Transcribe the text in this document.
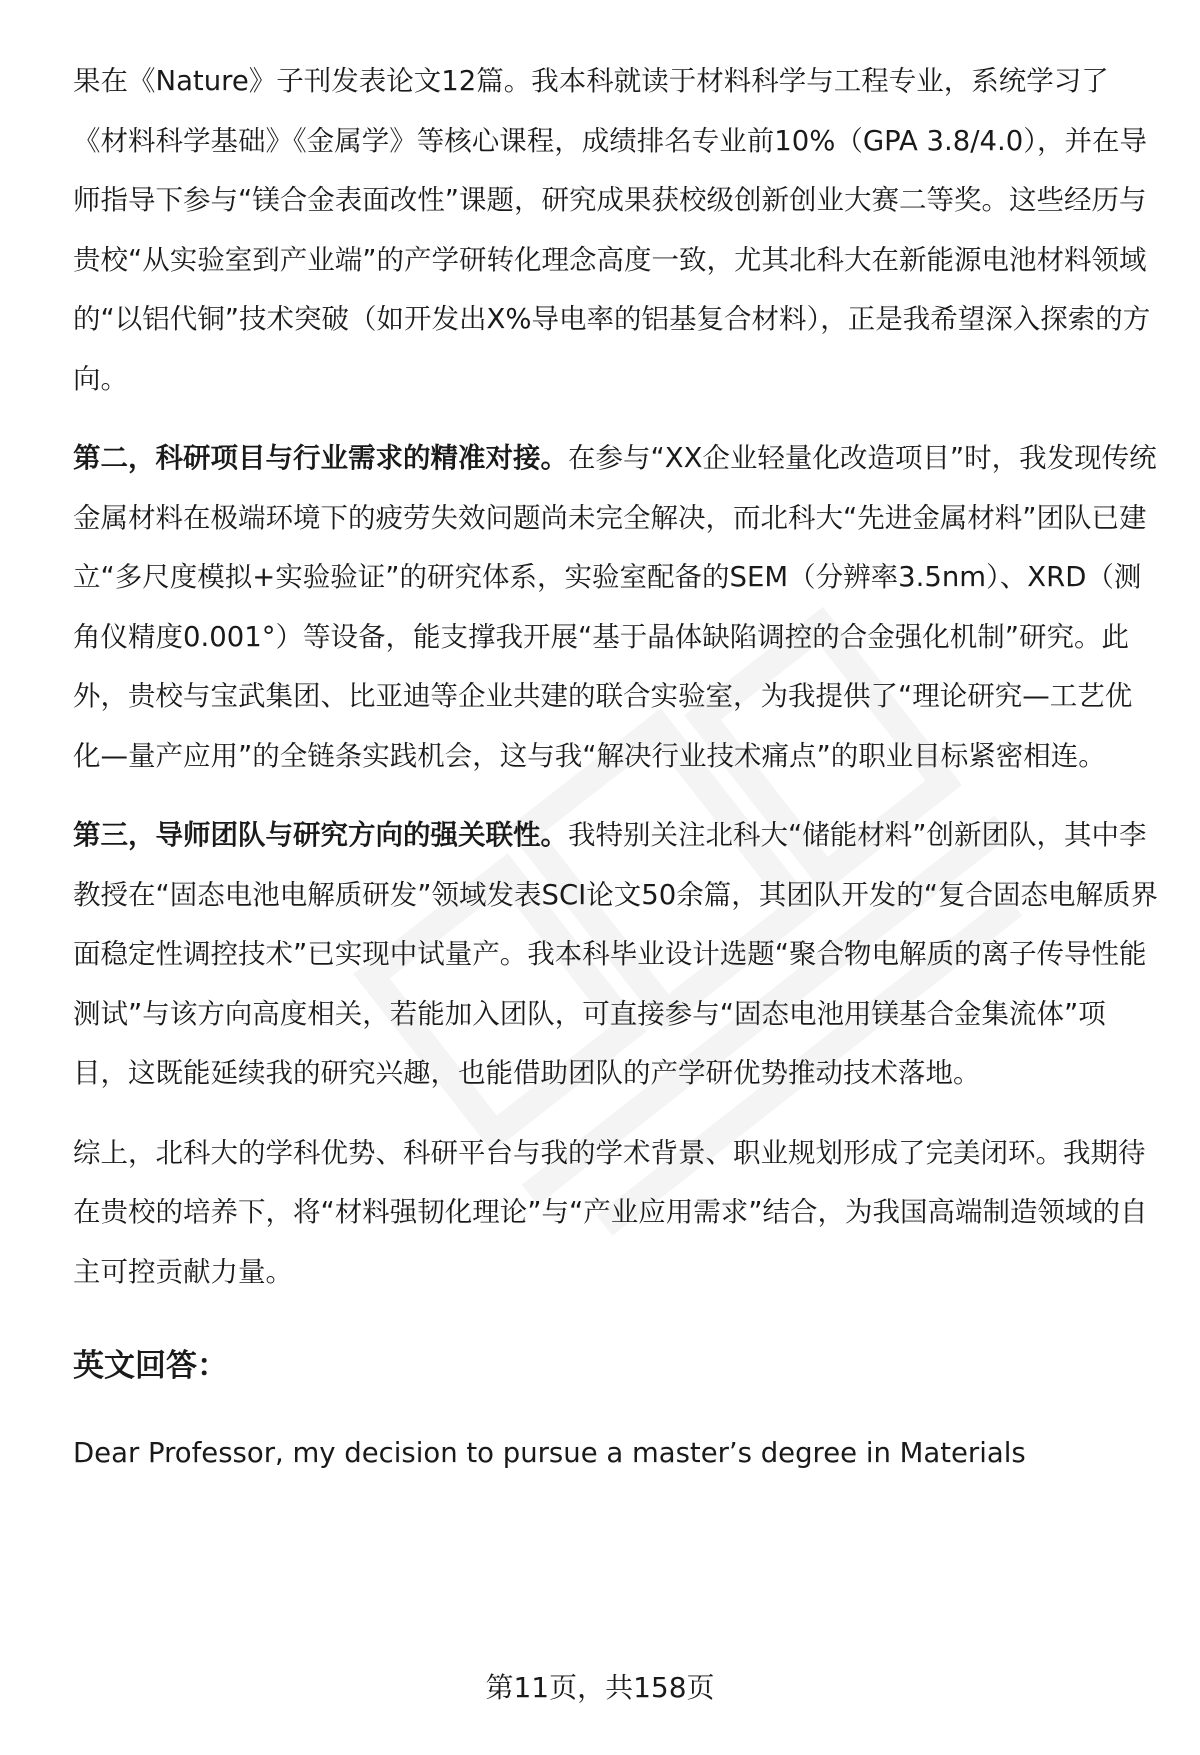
果在《Nature》子刊发表论文12篇。我本科就读于材料科学与工程专业，系统学习了《材料科学基础》《金属学》等核心课程，成绩排名专业前10%（GPA 3.8/4.0），并在导师指导下参与“镁合金表面改性”课题，研究成果获校级创新创业大赛二等奖。这些经历与贵校“从实验室到产业端”的产学研转化理念高度一致，尤其北科大在新能源电池材料领域的“以铝代铜”技术突破（如开发出X%导电率的铝基复合材料），正是我希望深入探索的方向。

第二，科研项目与行业需求的精准对接。在参与“XX企业轻量化改造项目”时，我发现传统金属材料在极端环境下的疲劳失效问题尚未完全解决，而北科大“先进金属材料”团队已建立“多尺度模拟+实验验证”的研究体系，实验室配备的SEM（分辨率3.5nm）、XRD（测角仪精度0.001°）等设备，能支撑我开展“基于晶体缺陷调控的合金强化机制”研究。此外，贵校与宝武集团、比亚迪等企业共建的联合实验室，为我提供了“理论研究—工艺优化—量产应用”的全链条实践机会，这与我“解决行业技术痛点”的职业目标紧密相连。

第三，导师团队与研究方向的强关联性。我特别关注北科大“储能材料”创新团队，其中李教授在“固态电池电解质研发”领域发表SCI论文50余篇，其团队开发的“复合固态电解质界面稳定性调控技术”已实现中试量产。我本科毕业设计选题“聚合物电解质的离子传导性能测试”与该方向高度相关，若能加入团队，可直接参与“固态电池用镁基合金集流体”项目，这既能延续我的研究兴趣，也能借助团队的产学研优势推动技术落地。

综上，北科大的学科优势、科研平台与我的学术背景、职业规划形成了完美闭环。我期待在贵校的培养下，将“材料强韧化理论”与“产业应用需求”结合，为我国高端制造领域的自主可控贡献力量。

英文回答：

Dear Professor, my decision to pursue a master’s degree in Materials

第11页，共158页
